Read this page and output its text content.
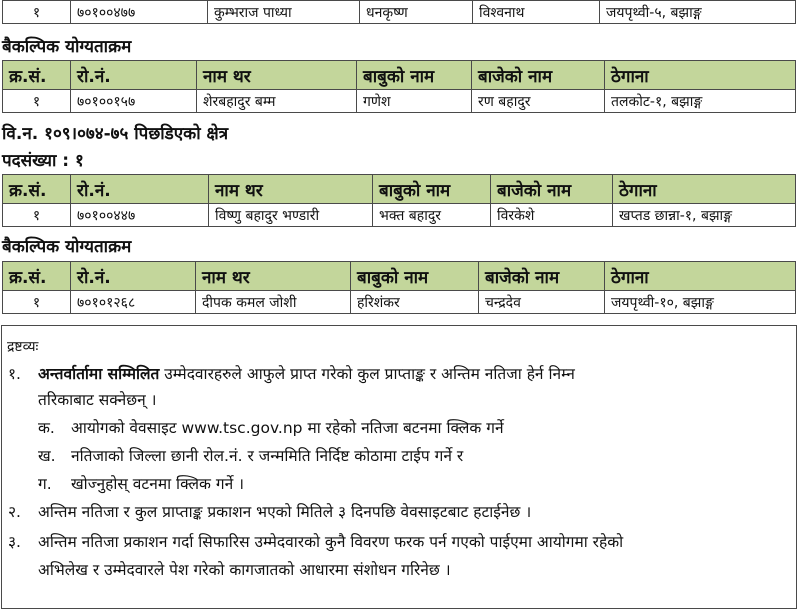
१	७०१००४७७	कुम्भराज पाध्या	धनकृष्ण	विश्वनाथ	जयपृथ्वी-५, बझाङ्ग
बैकल्पिक योग्यताक्रम
क्र.सं.	रो.नं.	नाम थर	बाबुको नाम	बाजेको नाम	ठेगाना
१	७०१००१५७	शेरबहादुर बम्म	गणेश	रण बहादुर	तलकोट-१, बझाङ्ग
वि.न. १०९।०७४-७५ पिछडिएको क्षेत्र
पदसंख्या : १
क्र.सं.	रो.नं.	नाम थर	बाबुको नाम	बाजेको नाम	ठेगाना
१	७०१००४४७	विष्णु बहादुर भण्डारी	भक्त बहादुर	विरकेशे	खप्तड छान्ना-१, बझाङ्ग
बैकल्पिक योग्यताक्रम
क्र.सं.	रो.नं.	नाम थर	बाबुको नाम	बाजेको नाम	ठेगाना
१	७०१०१२६८	दीपक कमल जोशी	हरिशंकर	चन्द्रदेव	जयपृथ्वी-१०, बझाङ्ग
द्रष्टव्यः
१. अन्तर्वार्तामा सम्मिलित उम्मेदवारहरुले आफुले प्राप्त गरेको कुल प्राप्ताङ्क र अन्तिम नतिजा हेर्न निम्न
तरिकाबाट सक्नेछन् ।
क. आयोगको वेवसाइट www.tsc.gov.np मा रहेको नतिजा बटनमा क्लिक गर्ने
ख. नतिजाको जिल्ला छानी रोल.नं. र जन्ममिति निर्दिष्ट कोठामा टाईप गर्ने र
ग. खोज्नुहोस् वटनमा क्लिक गर्ने ।
२. अन्तिम नतिजा र कुल प्राप्ताङ्क प्रकाशन भएको मितिले ३ दिनपछि वेवसाइटबाट हटाईनेछ ।
३. अन्तिम नतिजा प्रकाशन गर्दा सिफारिस उम्मेदवारको कुनै विवरण फरक पर्न गएको पाईएमा आयोगमा रहेको
अभिलेख र उम्मेदवारले पेश गरेको कागजातको आधारमा संशोधन गरिनेछ ।
